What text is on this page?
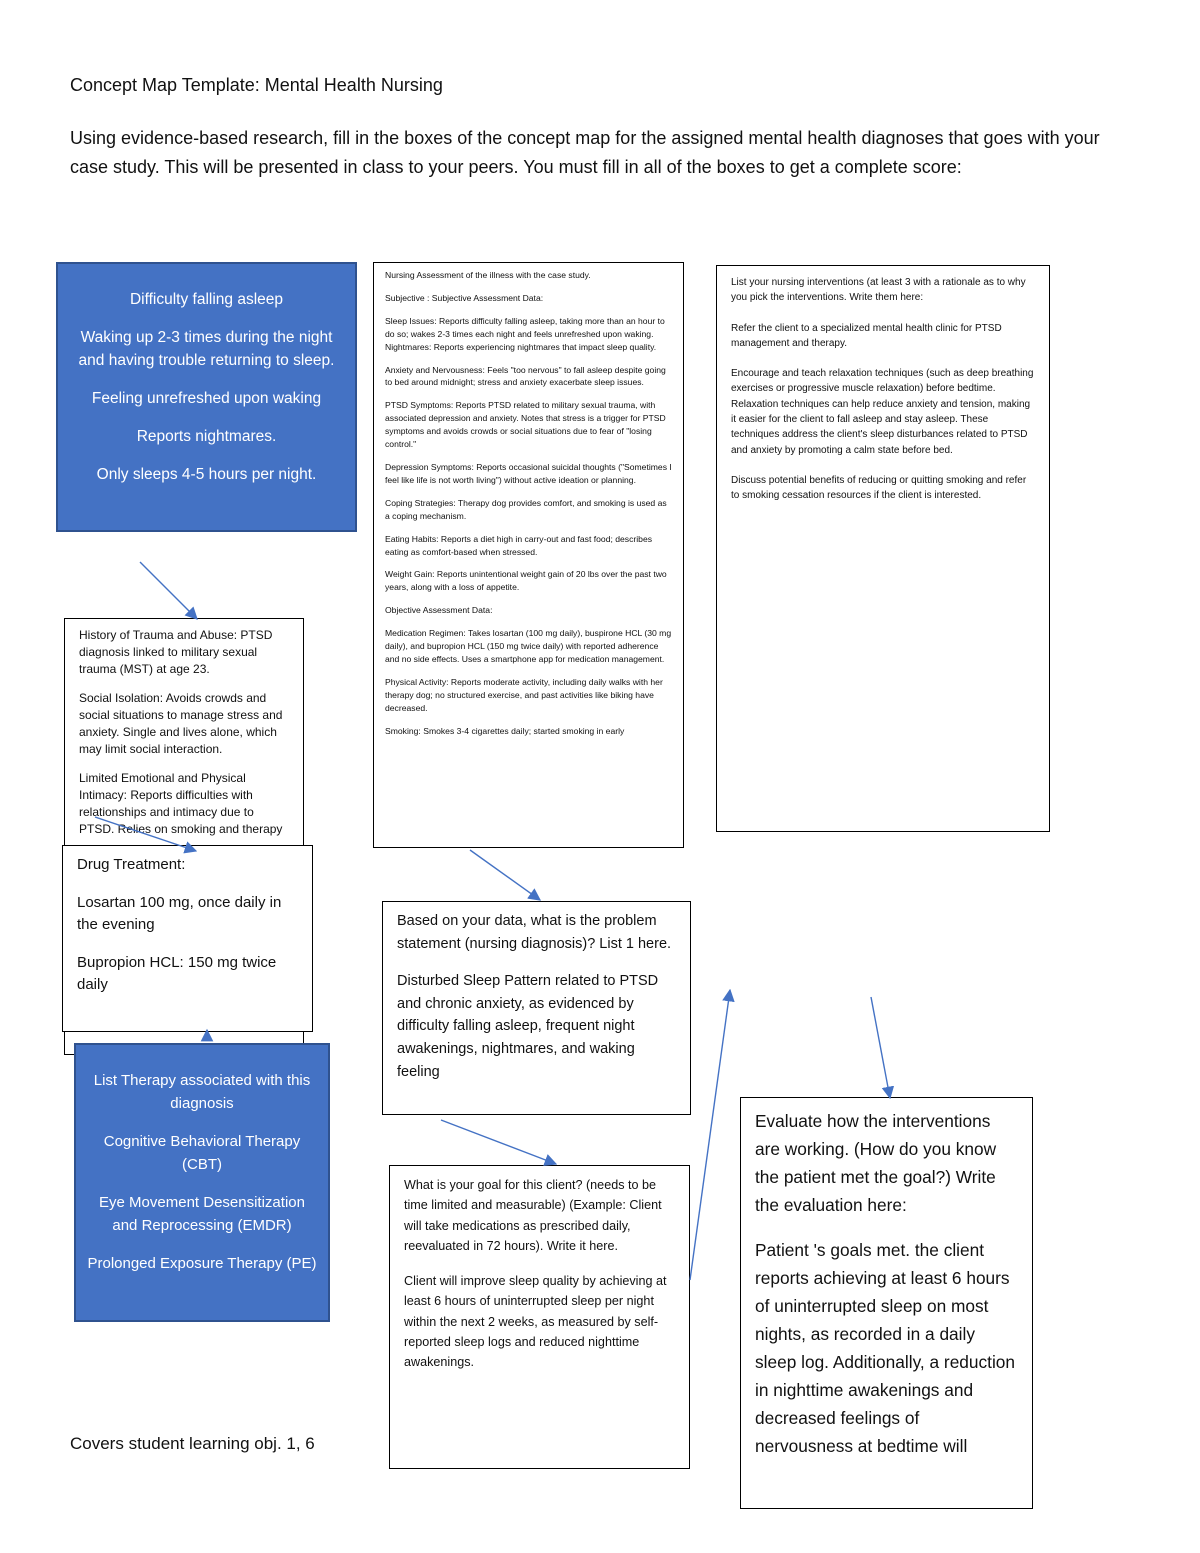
Concept Map Template: Mental Health Nursing
Using evidence-based research, fill in the boxes of the concept map for the assigned mental health diagnoses that goes with your case study. This will be presented in class to your peers. You must fill in all of the boxes to get a complete score:

Difficulty falling asleep

Waking up 2-3 times during the night and having trouble returning to sleep.

Feeling unrefreshed upon waking

Reports nightmares.

Only sleeps 4-5 hours per night.

History of Trauma and Abuse: PTSD diagnosis linked to military sexual trauma (MST) at age 23.

Social Isolation: Avoids crowds and social situations to manage stress and anxiety. Single and lives alone, which may limit social interaction.

Limited Emotional and Physical Intimacy: Reports difficulties with relationships and intimacy due to PTSD. Relies on smoking and therapy

Drug Treatment:

Losartan 100 mg, once daily in the evening

Bupropion HCL: 150 mg twice daily

List Therapy associated with this diagnosis

Cognitive Behavioral Therapy (CBT)

Eye Movement Desensitization and Reprocessing (EMDR)

Prolonged Exposure Therapy (PE)

Nursing Assessment of the illness with the case study.

Subjective : Subjective Assessment Data:

Sleep Issues: Reports difficulty falling asleep, taking more than an hour to do so; wakes 2-3 times each night and feels unrefreshed upon waking. Nightmares: Reports experiencing nightmares that impact sleep quality.

Anxiety and Nervousness: Feels "too nervous" to fall asleep despite going to bed around midnight; stress and anxiety exacerbate sleep issues.

PTSD Symptoms: Reports PTSD related to military sexual trauma, with associated depression and anxiety. Notes that stress is a trigger for PTSD symptoms and avoids crowds or social situations due to fear of "losing control."

Depression Symptoms: Reports occasional suicidal thoughts ("Sometimes I feel like life is not worth living") without active ideation or planning.

Coping Strategies: Therapy dog provides comfort, and smoking is used as a coping mechanism.

Eating Habits: Reports a diet high in carry-out and fast food; describes eating as comfort-based when stressed.

Weight Gain: Reports unintentional weight gain of 20 lbs over the past two years, along with a loss of appetite.

Objective Assessment Data:

Medication Regimen: Takes losartan (100 mg daily), buspirone HCL (30 mg daily), and bupropion HCL (150 mg twice daily) with reported adherence and no side effects. Uses a smartphone app for medication management.

Physical Activity: Reports moderate activity, including daily walks with her therapy dog; no structured exercise, and past activities like biking have decreased.

Smoking: Smokes 3-4 cigarettes daily; started smoking in early

List your nursing interventions (at least 3 with a rationale as to why you pick the interventions. Write them here:

Refer the client to a specialized mental health clinic for PTSD management and therapy.

Encourage and teach relaxation techniques (such as deep breathing exercises or progressive muscle relaxation) before bedtime. Relaxation techniques can help reduce anxiety and tension, making it easier for the client to fall asleep and stay asleep. These techniques address the client's sleep disturbances related to PTSD and anxiety by promoting a calm state before bed.

Discuss potential benefits of reducing or quitting smoking and refer to smoking cessation resources if the client is interested.

Based on your data, what is the problem statement (nursing diagnosis)? List 1 here.

Disturbed Sleep Pattern related to PTSD and chronic anxiety, as evidenced by difficulty falling asleep, frequent night awakenings, nightmares, and waking feeling

What is your goal for this client? (needs to be time limited and measurable) (Example: Client will take medications as prescribed daily, reevaluated in 72 hours). Write it here.

Client will improve sleep quality by achieving at least 6 hours of uninterrupted sleep per night within the next 2 weeks, as measured by self-reported sleep logs and reduced nighttime awakenings.

Evaluate how the interventions are working. (How do you know the patient met the goal?) Write the evaluation here:

Patient 's goals met. the client reports achieving at least 6 hours of uninterrupted sleep on most nights, as recorded in a daily sleep log. Additionally, a reduction in nighttime awakenings and decreased feelings of nervousness at bedtime will

Covers student learning obj. 1, 6
